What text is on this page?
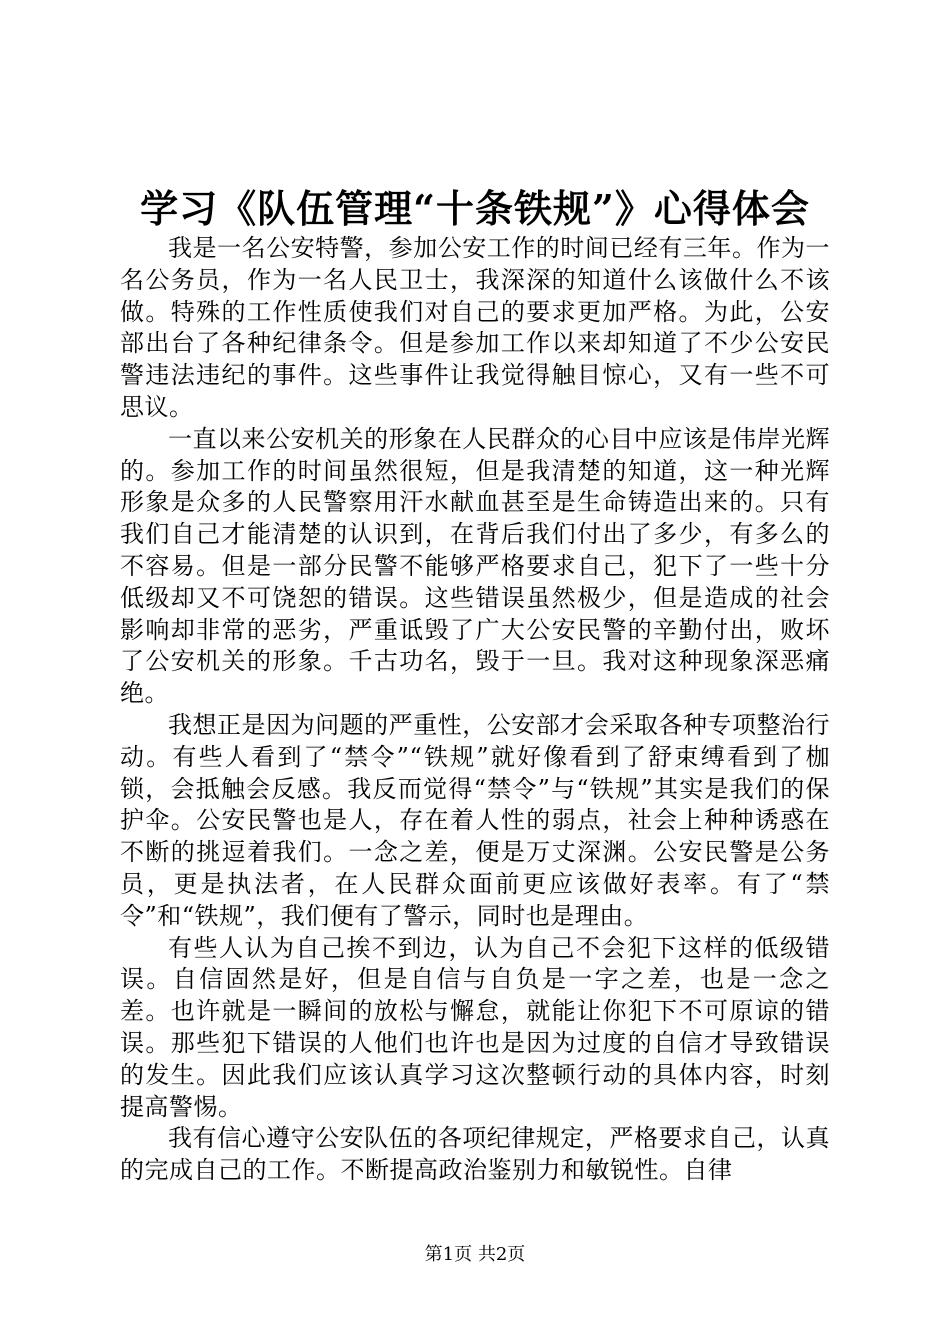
学习《队伍管理“十条铁规”》心得体会

我是一名公安特警，参加公安工作的时间已经有三年。作为一名公务员，作为一名人民卫士，我深深的知道什么该做什么不该做。特殊的工作性质使我们对自己的要求更加严格。为此，公安部出台了各种纪律条令。但是参加工作以来却知道了不少公安民警违法违纪的事件。这些事件让我觉得触目惊心，又有一些不可思议。

一直以来公安机关的形象在人民群众的心目中应该是伟岸光辉的。参加工作的时间虽然很短，但是我清楚的知道，这一种光辉形象是众多的人民警察用汗水献血甚至是生命铸造出来的。只有我们自己才能清楚的认识到，在背后我们付出了多少，有多么的不容易。但是一部分民警不能够严格要求自己，犯下了一些十分低级却又不可饶恕的错误。这些错误虽然极少，但是造成的社会影响却非常的恶劣，严重诋毁了广大公安民警的辛勤付出，败坏了公安机关的形象。千古功名，毁于一旦。我对这种现象深恶痛绝。

我想正是因为问题的严重性，公安部才会采取各种专项整治行动。有些人看到了“禁令”“铁规”就好像看到了舒束缚看到了枷锁，会抵触会反感。我反而觉得“禁令”与“铁规”其实是我们的保护伞。公安民警也是人，存在着人性的弱点，社会上种种诱惑在不断的挑逗着我们。一念之差，便是万丈深渊。公安民警是公务员，更是执法者，在人民群众面前更应该做好表率。有了“禁令”和“铁规”，我们便有了警示，同时也是理由。

有些人认为自己挨不到边，认为自己不会犯下这样的低级错误。自信固然是好，但是自信与自负是一字之差，也是一念之差。也许就是一瞬间的放松与懈怠，就能让你犯下不可原谅的错误。那些犯下错误的人他们也许也是因为过度的自信才导致错误的发生。因此我们应该认真学习这次整顿行动的具体内容，时刻提高警惕。

我有信心遵守公安队伍的各项纪律规定，严格要求自己，认真的完成自己的工作。不断提高政治鉴别力和敏锐性。自律

第1页 共2页
